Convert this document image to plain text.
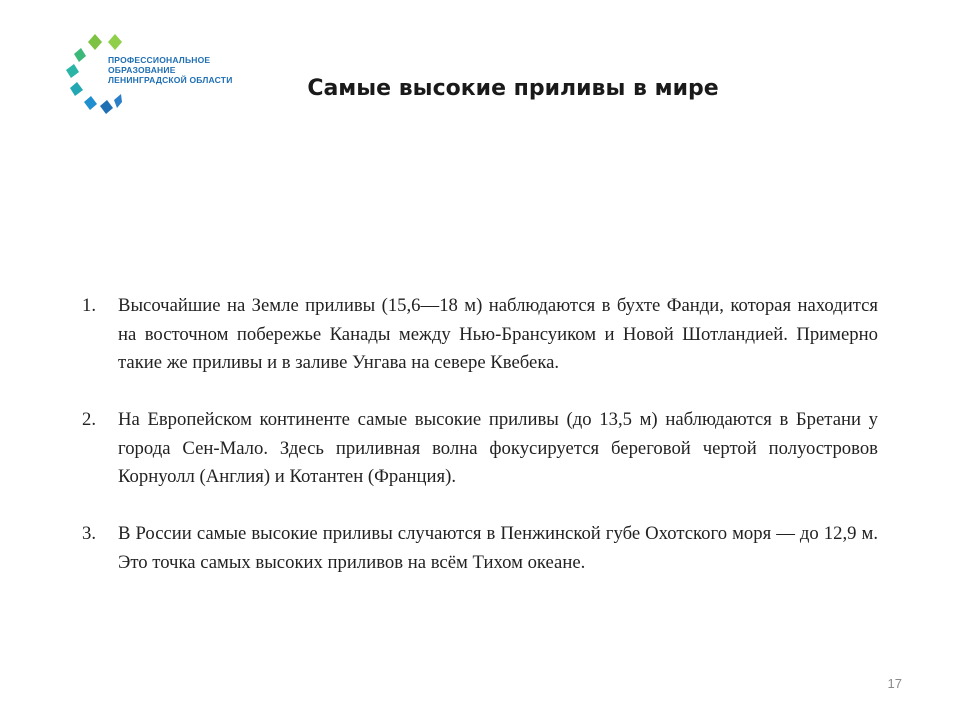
ПРОФЕССИОНАЛЬНОЕ
ОБРАЗОВАНИЕ
ЛЕНИНГРАДСКОЙ ОБЛАСТИ	Самые высокие приливы в мире
1.	Высочайшие на Земле приливы (15,6—18 м) наблюдаются в бухте Фанди, которая находится на восточном побережье Канады между Нью-Брансуиком и Новой Шотландией. Примерно такие же приливы и в заливе Унгава на севере Квебека.
2.	На Европейском континенте самые высокие приливы (до 13,5 м) наблюдаются в Бретани у города Сен-Мало. Здесь приливная волна фокусируется береговой чертой полуостровов Корнуолл (Англия) и Котантен (Франция).
3.	В России самые высокие приливы случаются в Пенжинской губе Охотского моря — до 12,9 м. Это точка самых высоких приливов на всём Тихом океане.
17
